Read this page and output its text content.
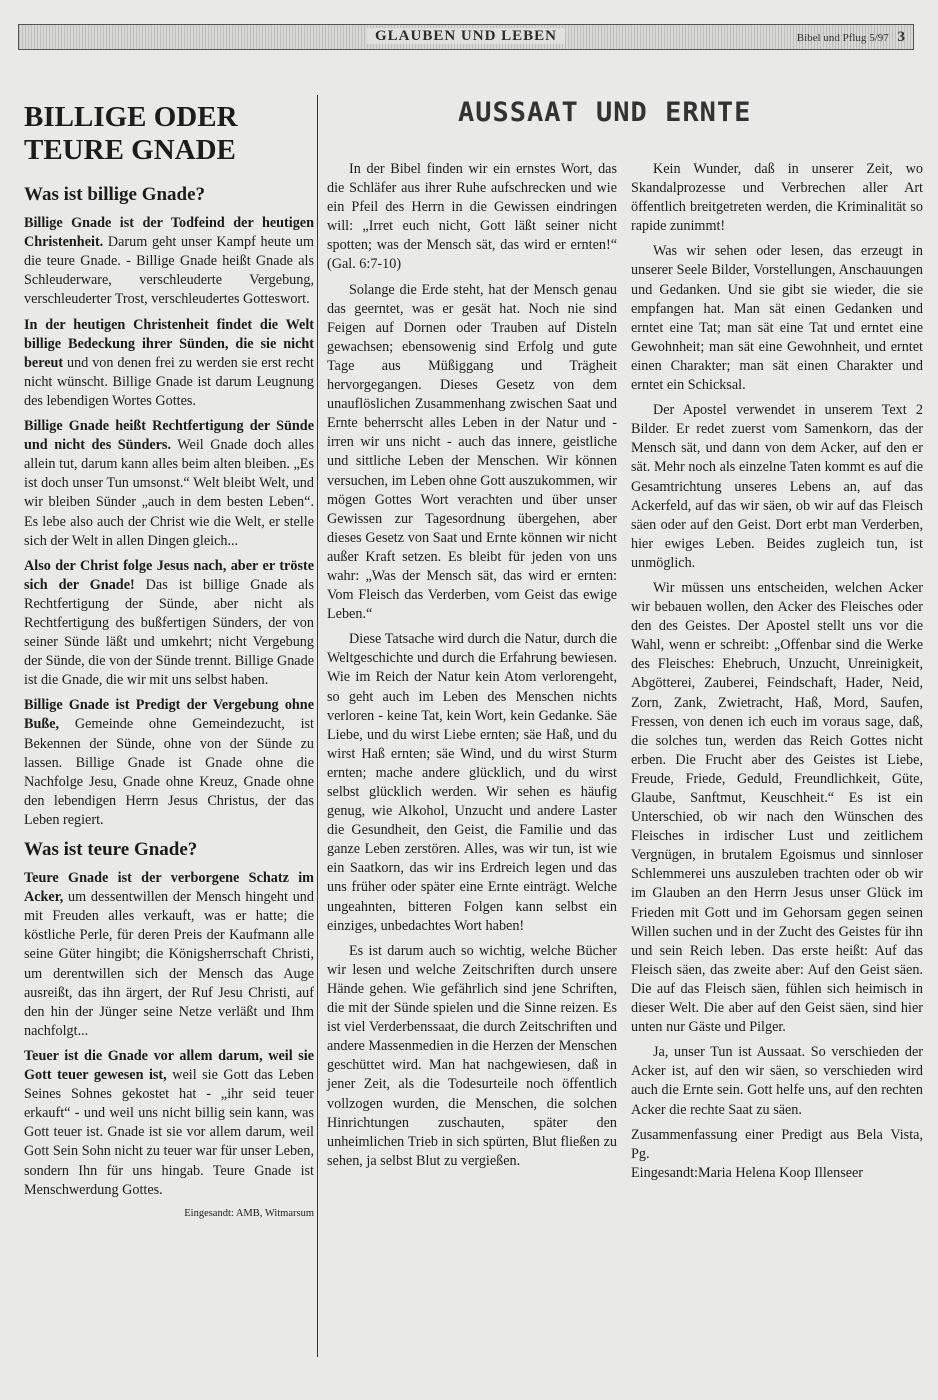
GLAUBEN UND LEBEN	Bibel und Pflug 5/97 3
BILLIGE ODER TEURE GNADE
Was ist billige Gnade?

Billige Gnade ist der Todfeind der heutigen Christenheit. Darum geht unser Kampf heute um die teure Gnade. - Billige Gnade heißt Gnade als Schleuderware, verschleuderte Vergebung, verschleuderter Trost, verschleudertes Gotteswort.

In der heutigen Christenheit findet die Welt billige Bedeckung ihrer Sünden, die sie nicht bereut und von denen frei zu werden sie erst recht nicht wünscht. Billige Gnade ist darum Leugnung des lebendigen Wortes Gottes.

Billige Gnade heißt Rechtfertigung der Sünde und nicht des Sünders. Weil Gnade doch alles allein tut, darum kann alles beim alten bleiben. „Es ist doch unser Tun umsonst.“ Welt bleibt Welt, und wir bleiben Sünder „auch in dem besten Leben“. Es lebe also auch der Christ wie die Welt, er stelle sich der Welt in allen Dingen gleich...

Also der Christ folge Jesus nach, aber er tröste sich der Gnade! Das ist billige Gnade als Rechtfertigung der Sünde, aber nicht als Rechtfertigung des bußfertigen Sünders, der von seiner Sünde läßt und umkehrt; nicht Vergebung der Sünde, die von der Sünde trennt. Billige Gnade ist die Gnade, die wir mit uns selbst haben.

Billige Gnade ist Predigt der Vergebung ohne Buße, Gemeinde ohne Gemeindezucht, ist Bekennen der Sünde, ohne von der Sünde zu lassen. Billige Gnade ist Gnade ohne die Nachfolge Jesu, Gnade ohne Kreuz, Gnade ohne den lebendigen Herrn Jesus Christus, der das Leben regiert.

Was ist teure Gnade?

Teure Gnade ist der verborgene Schatz im Acker, um dessentwillen der Mensch hingeht und mit Freuden alles verkauft, was er hatte; die köstliche Perle, für deren Preis der Kaufmann alle seine Güter hingibt; die Königsherrschaft Christi, um derentwillen sich der Mensch das Auge ausreißt, das ihn ärgert, der Ruf Jesu Christi, auf den hin der Jünger seine Netze verläßt und Ihm nachfolgt...

Teuer ist die Gnade vor allem darum, weil sie Gott teuer gewesen ist, weil sie Gott das Leben Seines Sohnes gekostet hat - „ihr seid teuer erkauft“ - und weil uns nicht billig sein kann, was Gott teuer ist. Gnade ist sie vor allem darum, weil Gott Sein Sohn nicht zu teuer war für unser Leben, sondern Ihn für uns hingab. Teure Gnade ist Menschwerdung Gottes.

Eingesandt: AMB, Witmarsum
AUSSAAT UND ERNTE

In der Bibel finden wir ein ernstes Wort, das die Schläfer aus ihrer Ruhe aufschrecken und wie ein Pfeil des Herrn in die Gewissen eindringen will: „Irret euch nicht, Gott läßt seiner nicht spotten; was der Mensch sät, das wird er ernten!“ (Gal. 6:7-10)

Solange die Erde steht, hat der Mensch genau das geerntet, was er gesät hat. Noch nie sind Feigen auf Dornen oder Trauben auf Disteln gewachsen; ebensowenig sind Erfolg und gute Tage aus Müßiggang und Trägheit hervorgegangen. Dieses Gesetz von dem unauflöslichen Zusammenhang zwischen Saat und Ernte beherrscht alles Leben in der Natur und - irren wir uns nicht - auch das innere, geistliche und sittliche Leben der Menschen. Wir können versuchen, im Leben ohne Gott auszukommen, wir mögen Gottes Wort verachten und über unser Gewissen zur Tagesordnung übergehen, aber dieses Gesetz von Saat und Ernte können wir nicht außer Kraft setzen. Es bleibt für jeden von uns wahr: „Was der Mensch sät, das wird er ernten: Vom Fleisch das Verderben, vom Geist das ewige Leben.“

Diese Tatsache wird durch die Natur, durch die Weltgeschichte und durch die Erfahrung bewiesen. Wie im Reich der Natur kein Atom verlorengeht, so geht auch im Leben des Menschen nichts verloren - keine Tat, kein Wort, kein Gedanke. Säe Liebe, und du wirst Liebe ernten; säe Haß, und du wirst Haß ernten; säe Wind, und du wirst Sturm ernten; mache andere glücklich, und du wirst selbst glücklich werden. Wir sehen es häufig genug, wie Alkohol, Unzucht und andere Laster die Gesundheit, den Geist, die Familie und das ganze Leben zerstören. Alles, was wir tun, ist wie ein Saatkorn, das wir ins Erdreich legen und das uns früher oder später eine Ernte einträgt. Welche ungeahnten, bitteren Folgen kann selbst ein einziges, unbedachtes Wort haben!

Es ist darum auch so wichtig, welche Bücher wir lesen und welche Zeitschriften durch unsere Hände gehen. Wie gefährlich sind jene Schriften, die mit der Sünde spielen und die Sinne reizen. Es ist viel Verderbenssaat, die durch Zeitschriften und andere Massenmedien in die Herzen der Menschen geschüttet wird. Man hat nachgewiesen, daß in jener Zeit, als die Todesurteile noch öffentlich vollzogen wurden, die Menschen, die solchen Hinrichtungen zuschauten, später den unheimlichen Trieb in sich spürten, Blut fließen zu sehen, ja selbst Blut zu vergießen.

Kein Wunder, daß in unserer Zeit, wo Skandalprozesse und Verbrechen aller Art öffentlich breitgetreten werden, die Kriminalität so rapide zunimmt!

Was wir sehen oder lesen, das erzeugt in unserer Seele Bilder, Vorstellungen, Anschauungen und Gedanken. Und sie gibt sie wieder, die sie empfangen hat. Man sät einen Gedanken und erntet eine Tat; man sät eine Tat und erntet eine Gewohnheit; man sät eine Gewohnheit, und erntet einen Charakter; man sät einen Charakter und erntet ein Schicksal.

Der Apostel verwendet in unserem Text 2 Bilder. Er redet zuerst vom Samenkorn, das der Mensch sät, und dann von dem Acker, auf den er sät. Mehr noch als einzelne Taten kommt es auf die Gesamtrichtung unseres Lebens an, auf das Ackerfeld, auf das wir säen, ob wir auf das Fleisch säen oder auf den Geist. Dort erbt man Verderben, hier ewiges Leben. Beides zugleich tun, ist unmöglich.

Wir müssen uns entscheiden, welchen Acker wir bebauen wollen, den Acker des Fleisches oder den des Geistes. Der Apostel stellt uns vor die Wahl, wenn er schreibt: „Offenbar sind die Werke des Fleisches: Ehebruch, Unzucht, Unreinigkeit, Abgötterei, Zauberei, Feindschaft, Hader, Neid, Zorn, Zank, Zwietracht, Haß, Mord, Saufen, Fressen, von denen ich euch im voraus sage, daß, die solches tun, werden das Reich Gottes nicht erben. Die Frucht aber des Geistes ist Liebe, Freude, Friede, Geduld, Freundlichkeit, Güte, Glaube, Sanftmut, Keuschheit.“ Es ist ein Unterschied, ob wir nach den Wünschen des Fleisches in irdischer Lust und zeitlichem Vergnügen, in brutalem Egoismus und sinnloser Schlemmerei uns auszuleben trachten oder ob wir im Glauben an den Herrn Jesus unser Glück im Frieden mit Gott und im Gehorsam gegen seinen Willen suchen und in der Zucht des Geistes für ihn und sein Reich leben. Das erste heißt: Auf das Fleisch säen, das zweite aber: Auf den Geist säen. Die auf das Fleisch säen, fühlen sich heimisch in dieser Welt. Die aber auf den Geist säen, sind hier unten nur Gäste und Pilger.

Ja, unser Tun ist Aussaat. So verschieden der Acker ist, auf den wir säen, so verschieden wird auch die Ernte sein. Gott helfe uns, auf den rechten Acker die rechte Saat zu säen.

Zusammenfassung einer Predigt aus Bela Vista, Pg.

Eingesandt:Maria Helena Koop Illenseer
